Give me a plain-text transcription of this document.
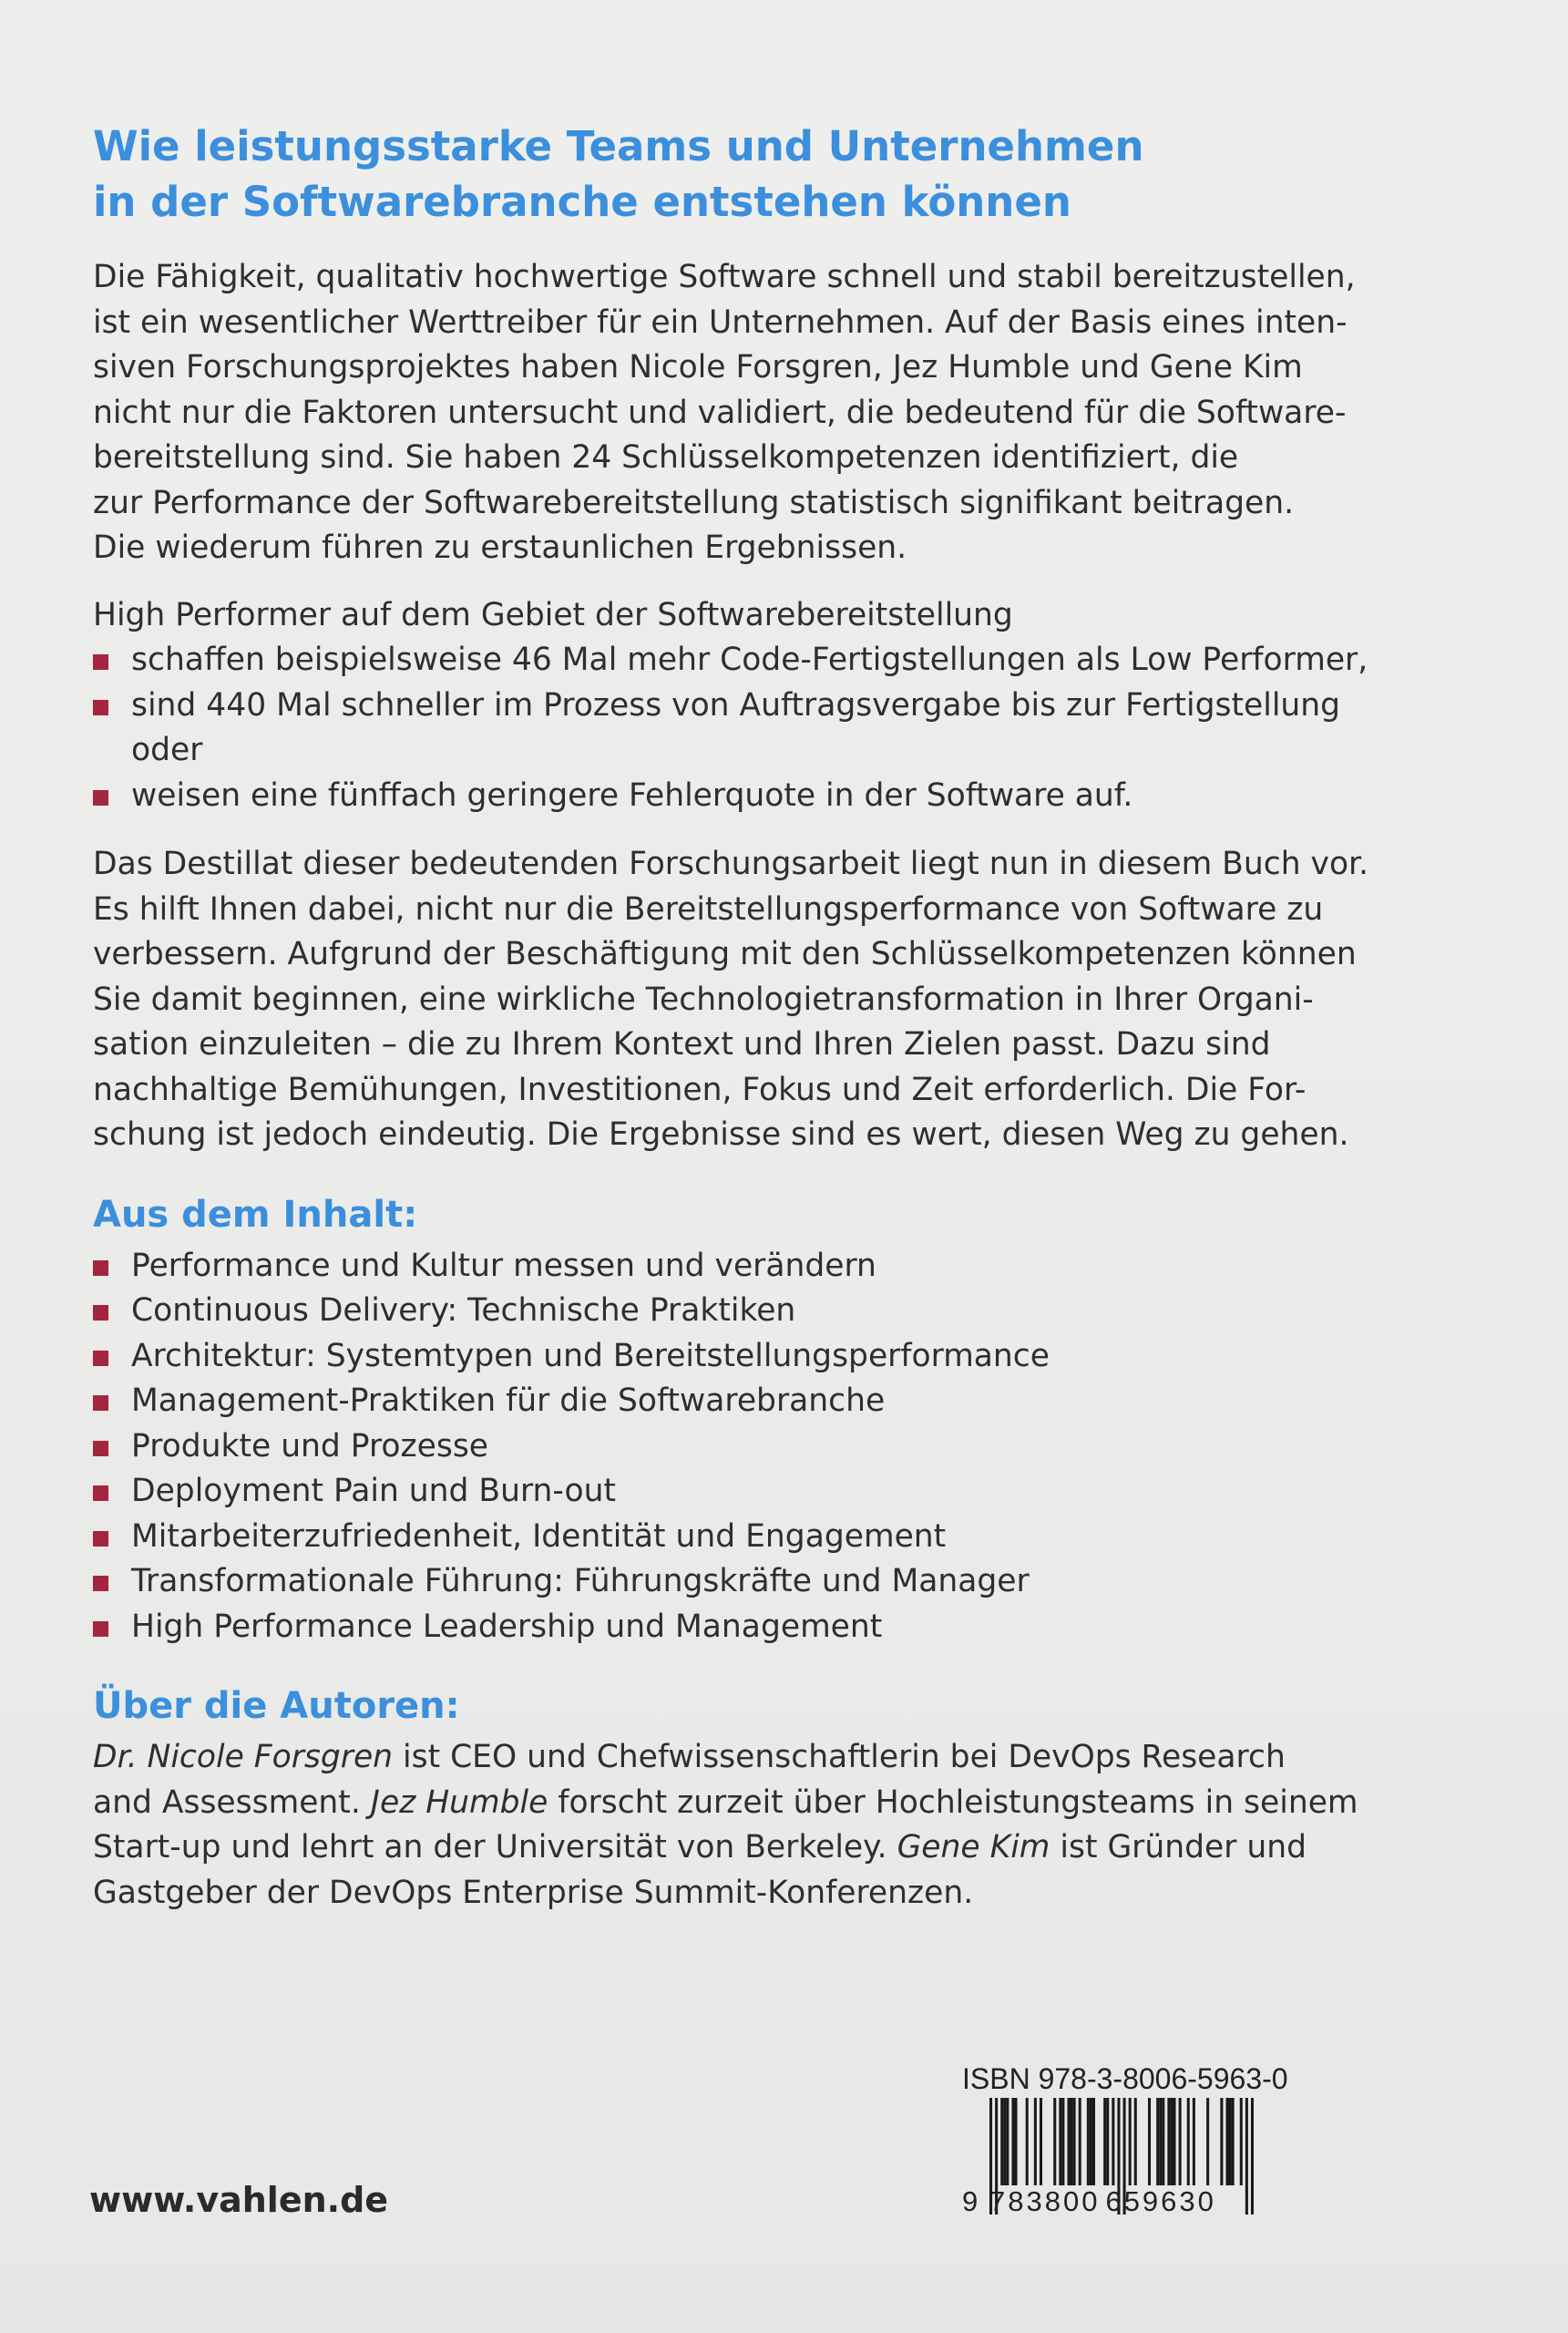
Wie leistungsstarke Teams und Unternehmen
in der Softwarebranche entstehen können

Die Fähigkeit, qualitativ hochwertige Software schnell und stabil bereitzustellen,
ist ein wesentlicher Werttreiber für ein Unternehmen. Auf der Basis eines inten-
siven Forschungsprojektes haben Nicole Forsgren, Jez Humble und Gene Kim
nicht nur die Faktoren untersucht und validiert, die bedeutend für die Software-
bereitstellung sind. Sie haben 24 Schlüsselkompetenzen identifiziert, die
zur Performance der Softwarebereitstellung statistisch signifikant beitragen.
Die wiederum führen zu erstaunlichen Ergebnissen.

High Performer auf dem Gebiet der Softwarebereitstellung

schaffen beispielsweise 46 Mal mehr Code-Fertigstellungen als Low Performer,
sind 440 Mal schneller im Prozess von Auftragsvergabe bis zur Fertigstellung
oder
weisen eine fünffach geringere Fehlerquote in der Software auf.

Das Destillat dieser bedeutenden Forschungsarbeit liegt nun in diesem Buch vor.
Es hilft Ihnen dabei, nicht nur die Bereitstellungsperformance von Software zu
verbessern. Aufgrund der Beschäftigung mit den Schlüsselkompetenzen können
Sie damit beginnen, eine wirkliche Technologietransformation in Ihrer Organi-
sation einzuleiten – die zu Ihrem Kontext und Ihren Zielen passt. Dazu sind
nachhaltige Bemühungen, Investitionen, Fokus und Zeit erforderlich. Die For-
schung ist jedoch eindeutig. Die Ergebnisse sind es wert, diesen Weg zu gehen.

Aus dem Inhalt:
Performance und Kultur messen und verändern
Continuous Delivery: Technische Praktiken
Architektur: Systemtypen und Bereitstellungsperformance
Management-Praktiken für die Softwarebranche
Produkte und Prozesse
Deployment Pain und Burn-out
Mitarbeiterzufriedenheit, Identität und Engagement
Transformationale Führung: Führungskräfte und Manager
High Performance Leadership und Management
Über die Autoren:

Dr. Nicole Forsgren ist CEO und Chefwissenschaftlerin bei DevOps Research
and Assessment. Jez Humble forscht zurzeit über Hochleistungsteams in seinem
Start-up und lehrt an der Universität von Berkeley. Gene Kim ist Gründer und
Gastgeber der DevOps Enterprise Summit-Konferenzen.

ISBN 978-3-8006-5963-0
9 783800 659630
www.vahlen.de
